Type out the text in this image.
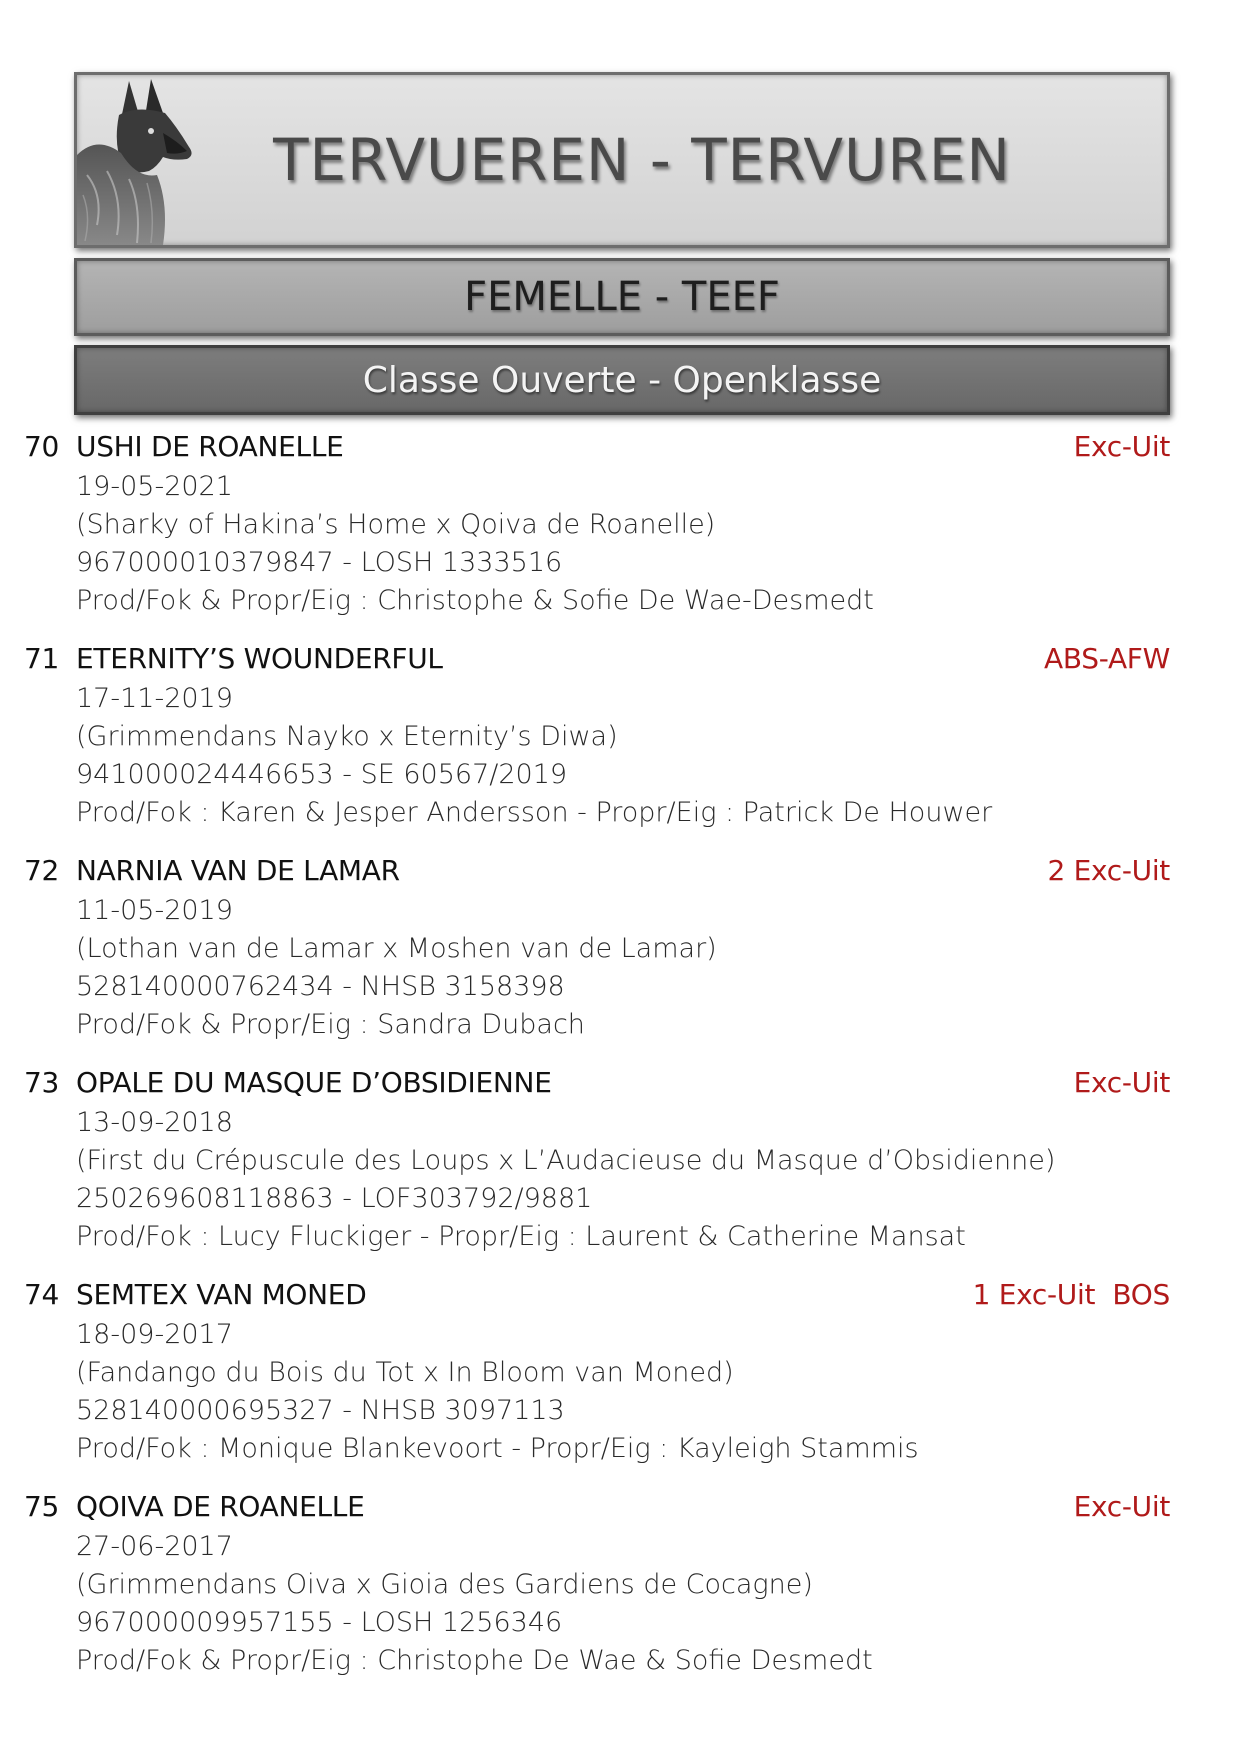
TERVUEREN - TERVUREN
FEMELLE - TEEF
Classe Ouverte - Openklasse
70 USHI DE ROANELLE	Exc-Uit
19-05-2021
(Sharky of Hakina’s Home x Qoiva de Roanelle)
967000010379847 - LOSH 1333516
Prod/Fok & Propr/Eig : Christophe & Sofie De Wae-Desmedt
71 ETERNITY’S WOUNDERFUL	ABS-AFW
17-11-2019
(Grimmendans Nayko x Eternity’s Diwa)
941000024446653 - SE 60567/2019
Prod/Fok : Karen & Jesper Andersson - Propr/Eig : Patrick De Houwer
72 NARNIA VAN DE LAMAR	2 Exc-Uit
11-05-2019
(Lothan van de Lamar x Moshen van de Lamar)
528140000762434 - NHSB 3158398
Prod/Fok & Propr/Eig : Sandra Dubach
73 OPALE DU MASQUE D’OBSIDIENNE	Exc-Uit
13-09-2018
(First du Crépuscule des Loups x L’Audacieuse du Masque d’Obsidienne)
250269608118863 - LOF303792/9881
Prod/Fok : Lucy Fluckiger - Propr/Eig : Laurent & Catherine Mansat
74 SEMTEX VAN MONED	1 Exc-Uit  BOS
18-09-2017
(Fandango du Bois du Tot x In Bloom van Moned)
528140000695327 - NHSB 3097113
Prod/Fok : Monique Blankevoort - Propr/Eig : Kayleigh Stammis
75 QOIVA DE ROANELLE	Exc-Uit
27-06-2017
(Grimmendans Oiva x Gioia des Gardiens de Cocagne)
967000009957155 - LOSH 1256346
Prod/Fok & Propr/Eig : Christophe De Wae & Sofie Desmedt
